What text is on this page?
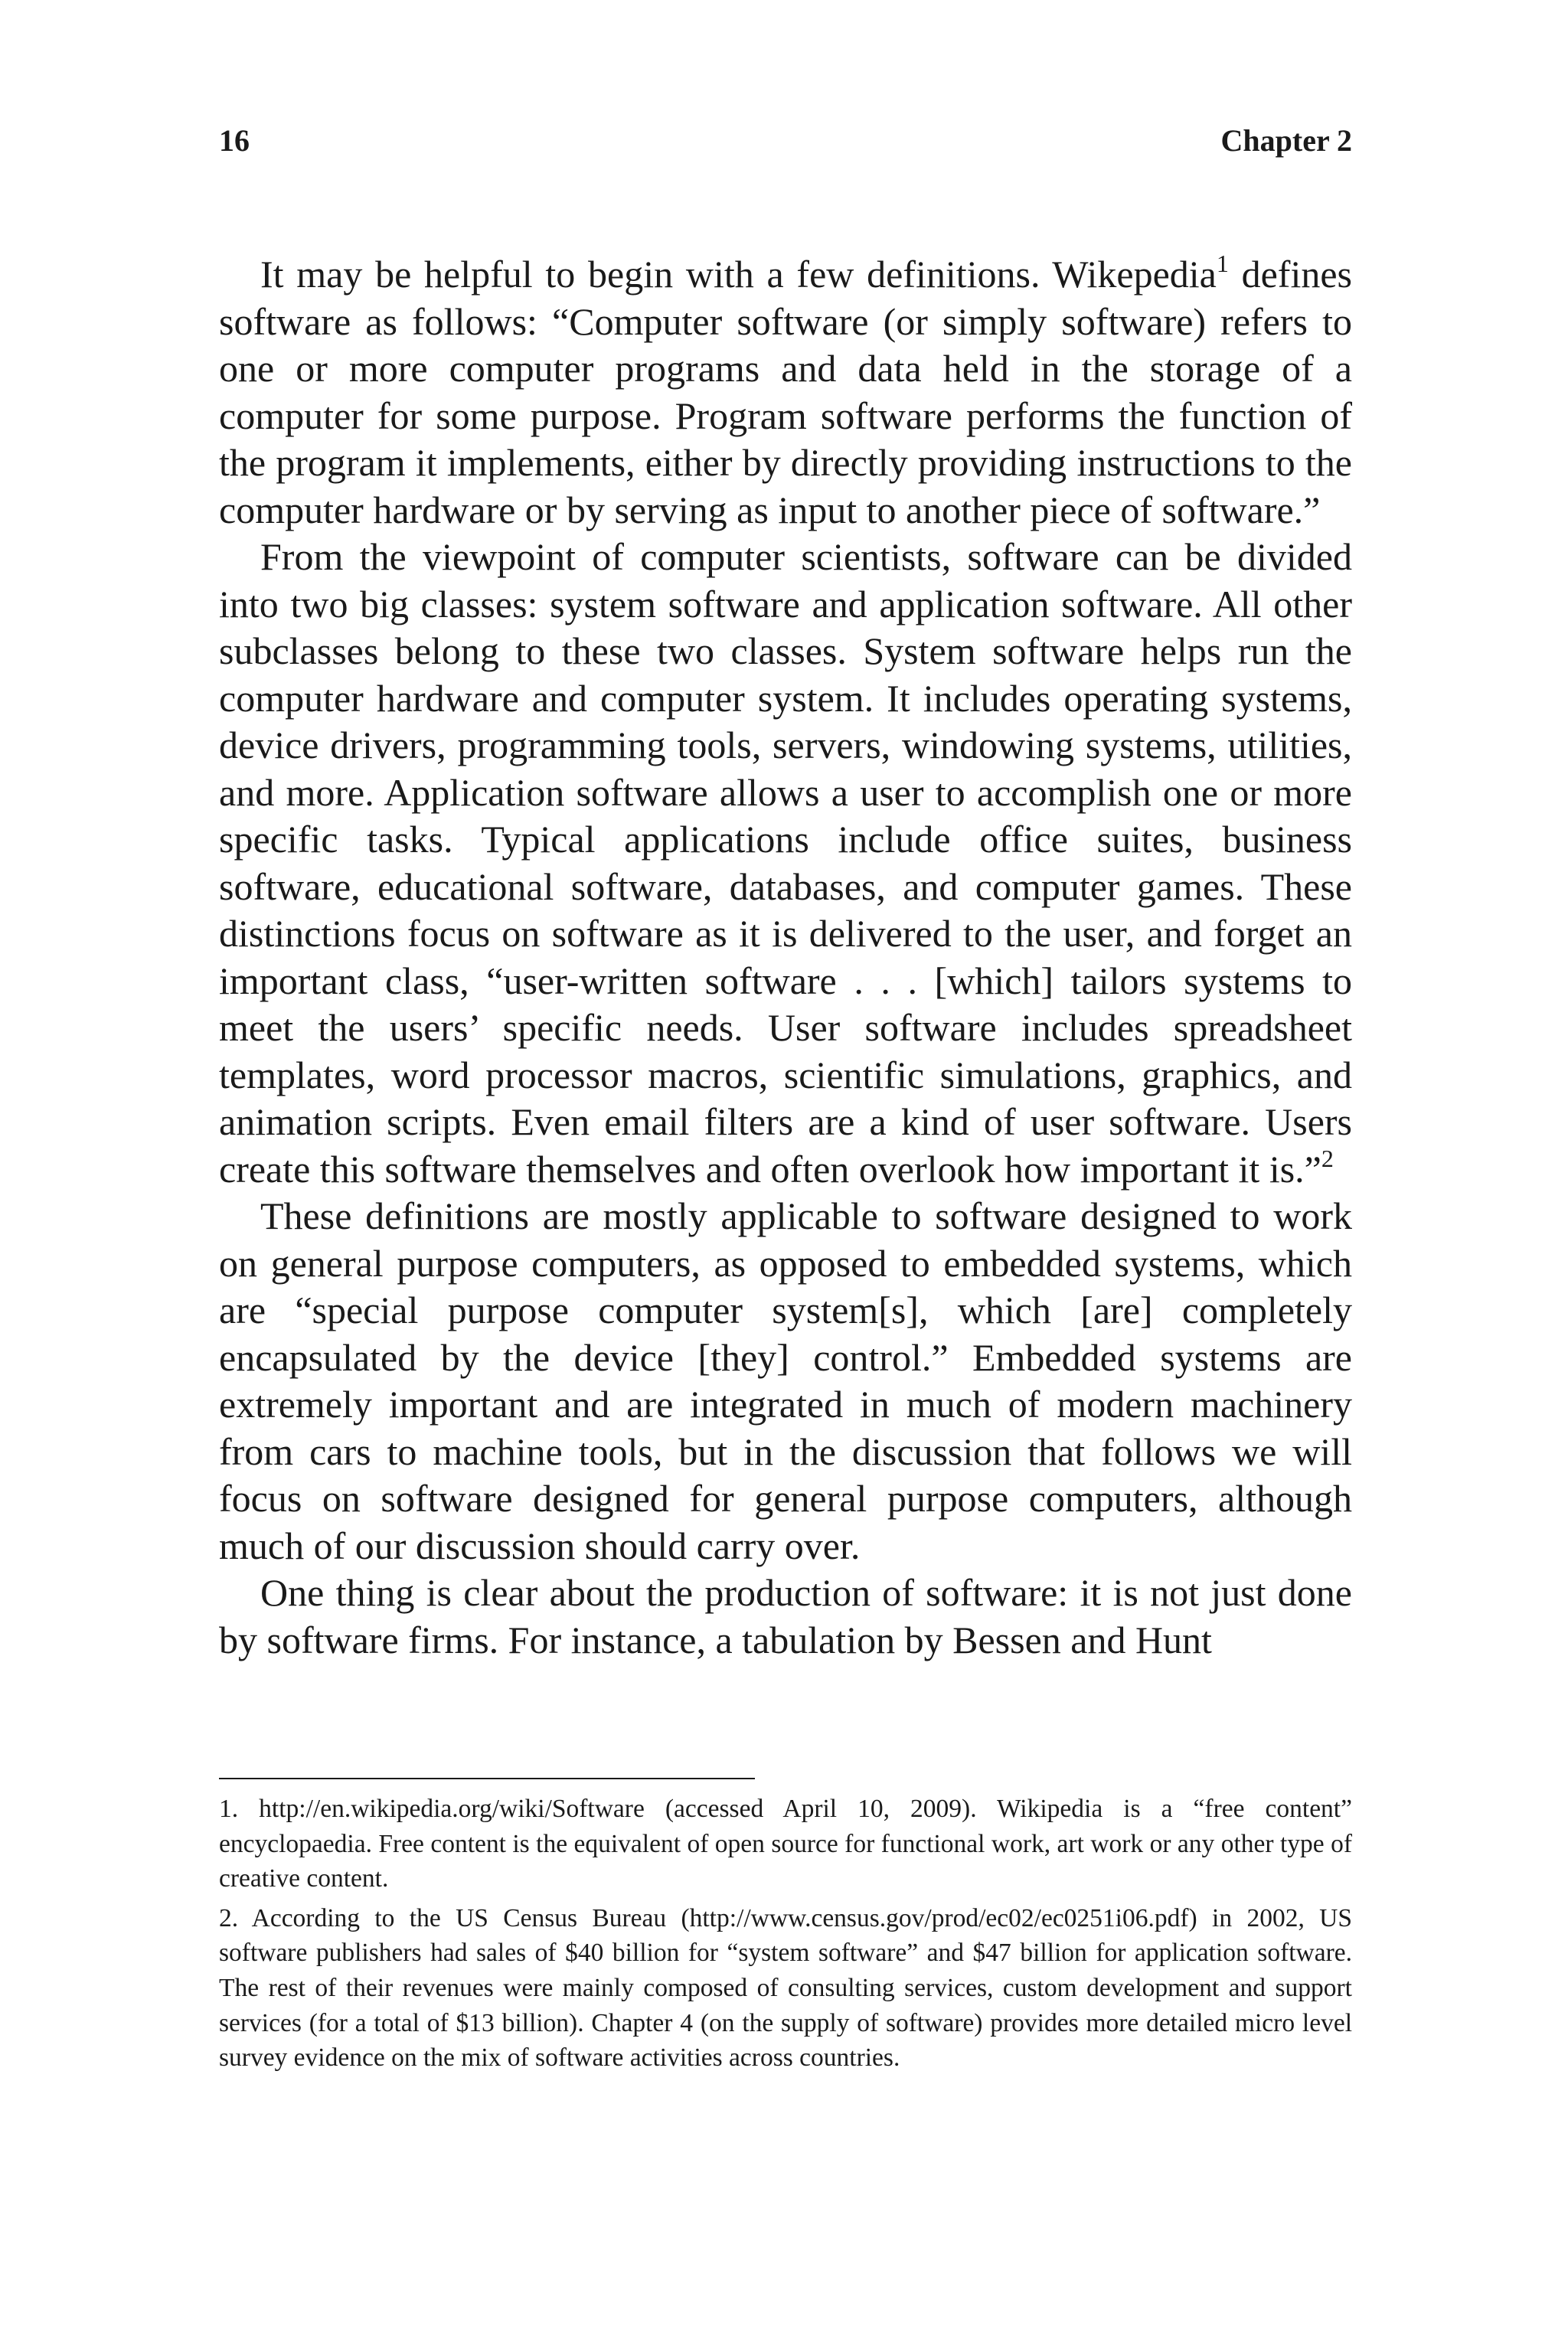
16	Chapter 2

It may be helpful to begin with a few definitions. Wikepedia$^1$ defines software as follows: “Computer software (or simply software) refers to one or more computer programs and data held in the storage of a computer for some purpose. Program software performs the function of the program it implements, either by directly providing instructions to the computer hardware or by serving as input to another piece of software.”

From the viewpoint of computer scientists, software can be divided into two big classes: system software and application software. All other subclasses belong to these two classes. System software helps run the computer hardware and computer system. It includes operating systems, device drivers, programming tools, servers, windowing systems, utilities, and more. Application software allows a user to accomplish one or more specific tasks. Typical applications include office suites, business software, educational software, databases, and computer games. These distinctions focus on software as it is delivered to the user, and forget an important class, “user-written software . . . [which] tailors systems to meet the users’ specific needs. User software includes spreadsheet templates, word processor macros, scientific simulations, graphics, and animation scripts. Even email filters are a kind of user software. Users create this software themselves and often overlook how important it is.”$^2$

These definitions are mostly applicable to software designed to work on general purpose computers, as opposed to embedded systems, which are “special purpose computer system[s], which [are] completely encapsulated by the device [they] control.” Embedded systems are extremely important and are integrated in much of modern machinery from cars to machine tools, but in the discussion that follows we will focus on software designed for general purpose computers, although much of our discussion should carry over.

One thing is clear about the production of software: it is not just done by software firms. For instance, a tabulation by Bessen and Hunt

1. http://en.wikipedia.org/wiki/Software (accessed April 10, 2009). Wikipedia is a “free content” encyclopaedia. Free content is the equivalent of open source for functional work, art work or any other type of creative content.

2. According to the US Census Bureau (http://www.census.gov/prod/ec02/ec0251i06.pdf) in 2002, US software publishers had sales of $40 billion for “system software” and $47 billion for application software. The rest of their revenues were mainly composed of consulting services, custom development and support services (for a total of $13 billion). Chapter 4 (on the supply of software) provides more detailed micro level survey evidence on the mix of software activities across countries.
